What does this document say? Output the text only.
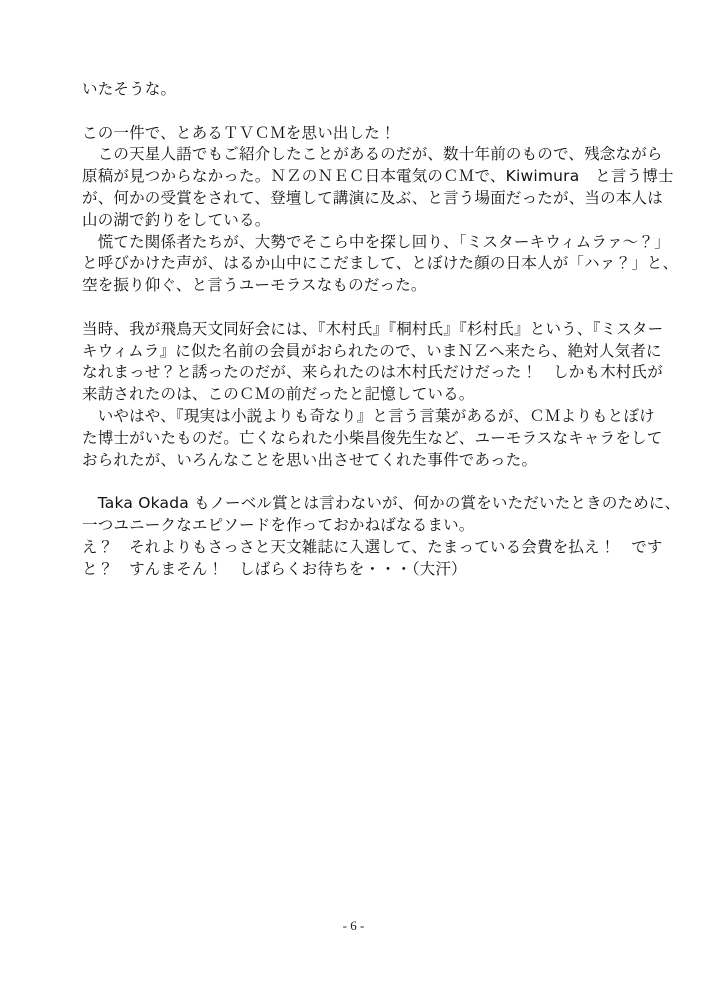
いたそうな。
この一件で、とあるＴＶＣＭを思い出した！
　この天星人語でもご紹介したことがあるのだが、数十年前のもので、残念ながら
原稿が見つからなかった。ＮＺのＮＥＣ日本電気のＣＭで、Kiwimura　と言う博士
が、何かの受賞をされて、登壇して講演に及ぶ、と言う場面だったが、当の本人は
山の湖で釣りをしている。
　慌てた関係者たちが、大勢でそこら中を探し回り、「ミスターキウィムラァ～？」
と呼びかけた声が、はるか山中にこだまして、とぼけた顔の日本人が「ハァ？」と、
空を振り仰ぐ、と言うユーモラスなものだった。
当時、我が飛鳥天文同好会には、『木村氏』『桐村氏』『杉村氏』という、『ミスター
キウィムラ』に似た名前の会員がおられたので、いまＮＺへ来たら、絶対人気者に
なれまっせ？と誘ったのだが、来られたのは木村氏だけだった！　しかも木村氏が
来訪されたのは、このＣＭの前だったと記憶している。
　いやはや、『現実は小説よりも奇なり』と言う言葉があるが、ＣＭよりもとぼけ
た博士がいたものだ。亡くなられた小柴昌俊先生など、ユーモラスなキャラをして
おられたが、いろんなことを思い出させてくれた事件であった。
　Taka Okada もノーベル賞とは言わないが、何かの賞をいただいたときのために、
一つユニークなエピソードを作っておかねばなるまい。
え？　それよりもさっさと天文雑誌に入選して、たまっている会費を払え！　です
と？　すんまそん！　しばらくお待ちを・・・（大汗）
- 6 -
